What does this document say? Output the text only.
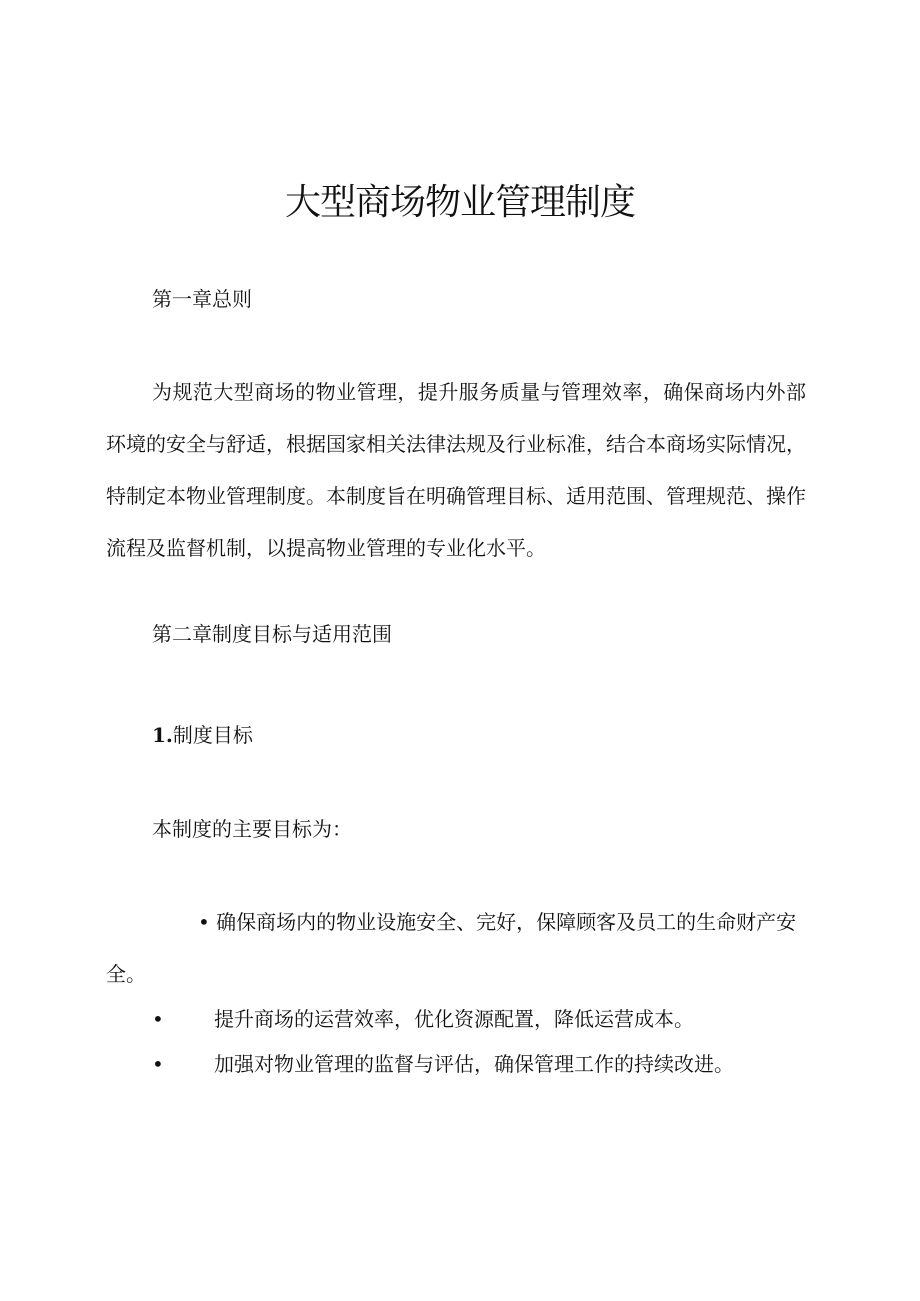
大型商场物业管理制度

第一章总则

为规范大型商场的物业管理，提升服务质量与管理效率，确保商场内外部环境的安全与舒适，根据国家相关法律法规及行业标准，结合本商场实际情况，特制定本物业管理制度。本制度旨在明确管理目标、适用范围、管理规范、操作流程及监督机制，以提高物业管理的专业化水平。

第二章制度目标与适用范围

1.制度目标

本制度的主要目标为：

• 确保商场内的物业设施安全、完好，保障顾客及员工的生命财产安全。

•	提升商场的运营效率，优化资源配置，降低运营成本。
•	加强对物业管理的监督与评估，确保管理工作的持续改进。
